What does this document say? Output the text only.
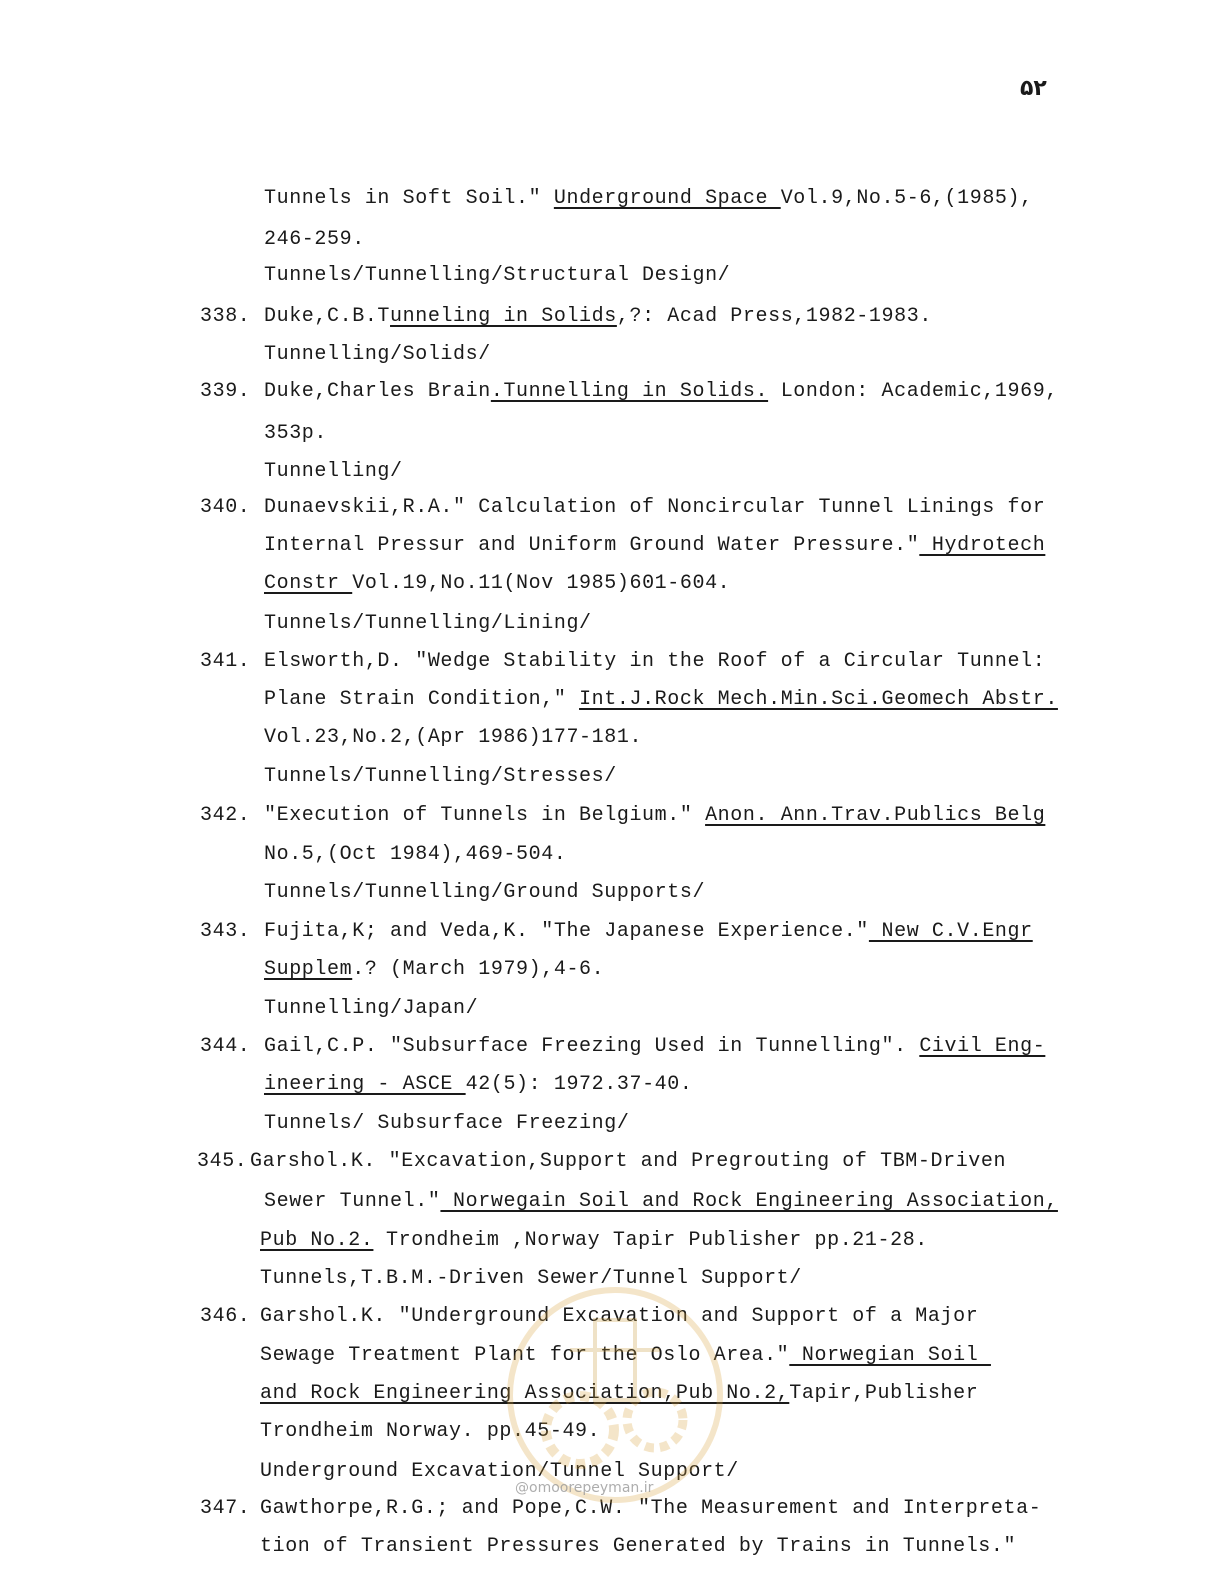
۵۲
Tunnels in Soft Soil." Underground Space Vol.9,No.5-6,(1985),
246-259.
Tunnels/Tunnelling/Structural Design/
338. Duke,C.B.Tunneling in Solids,?: Acad Press,1982-1983.
Tunnelling/Solids/
339. Duke,Charles Brain.Tunnelling in Solids. London: Academic,1969,
353p.
Tunnelling/
340. Dunaevskii,R.A." Calculation of Noncircular Tunnel Linings for
Internal Pressur and Uniform Ground Water Pressure." Hydrotech
Constr Vol.19,No.11(Nov 1985)601-604.
Tunnels/Tunnelling/Lining/
341. Elsworth,D. "Wedge Stability in the Roof of a Circular Tunnel:
Plane Strain Condition," Int.J.Rock Mech.Min.Sci.Geomech Abstr.
Vol.23,No.2,(Apr 1986)177-181.
Tunnels/Tunnelling/Stresses/
342. "Execution of Tunnels in Belgium." Anon. Ann.Trav.Publics Belg
No.5,(Oct 1984),469-504.
Tunnels/Tunnelling/Ground Supports/
343. Fujita,K; and Veda,K. "The Japanese Experience." New C.V.Engr
Supplem.? (March 1979),4-6.
Tunnelling/Japan/
344. Gail,C.P. "Subsurface Freezing Used in Tunnelling". Civil Eng-
ineering - ASCE 42(5): 1972.37-40.
Tunnels/ Subsurface Freezing/
345. Garshol.K. "Excavation,Support and Pregrouting of TBM-Driven
Sewer Tunnel." Norwegain Soil and Rock Engineering Association,
Pub No.2. Trondheim ,Norway Tapir Publisher pp.21-28.
Tunnels,T.B.M.-Driven Sewer/Tunnel Support/
346. Garshol.K. "Underground Excavation and Support of a Major
Sewage Treatment Plant for the Oslo Area." Norwegian Soil
and Rock Engineering Association,Pub No.2,Tapir,Publisher
Trondheim Norway. pp.45-49.
Underground Excavation/Tunnel Support/
347. Gawthorpe,R.G.; and Pope,C.W. "The Measurement and Interpreta-
tion of Transient Pressures Generated by Trains in Tunnels."
@omoorepeyman.ir
